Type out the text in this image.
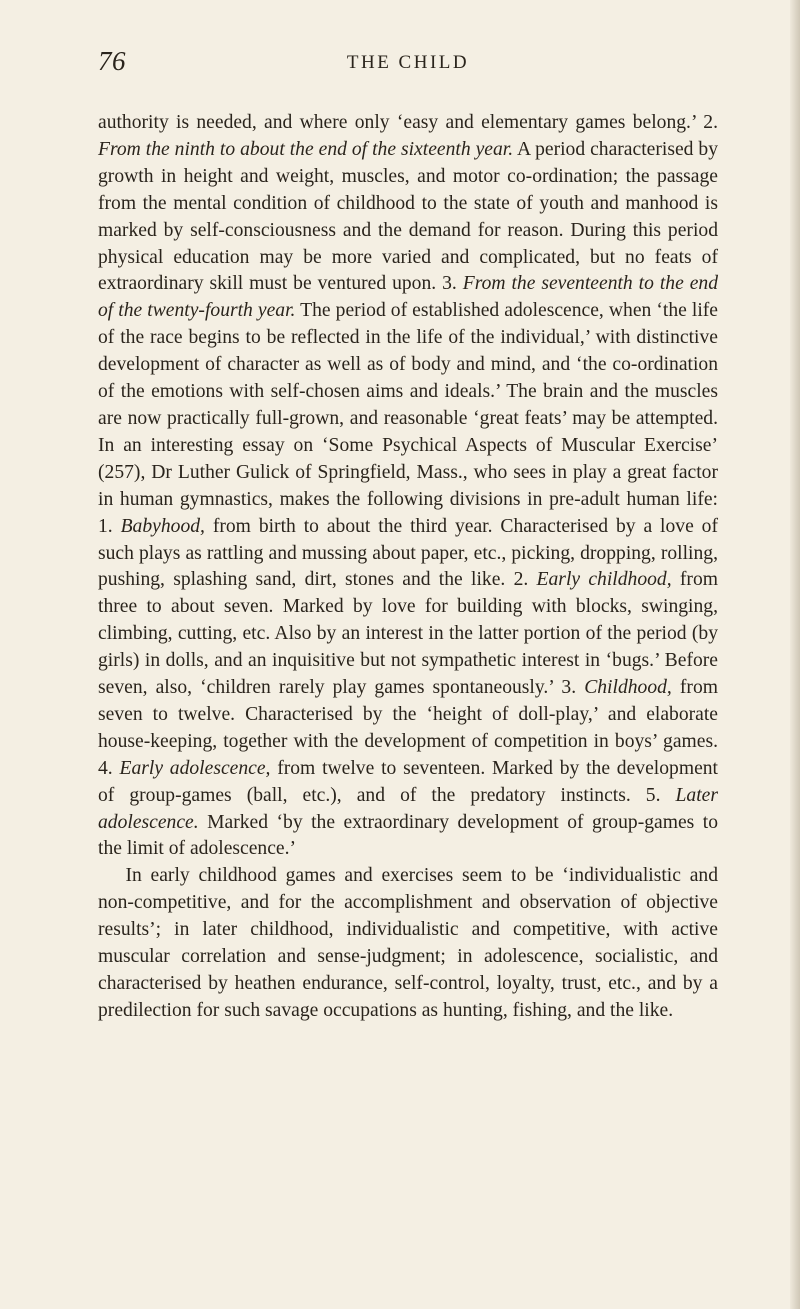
76	THE CHILD

authority is needed, and where only ‘easy and elementary games belong.’ 2. From the ninth to about the end of the sixteenth year. A period characterised by growth in height and weight, muscles, and motor co-ordination; the passage from the mental condition of childhood to the state of youth and manhood is marked by self-consciousness and the demand for reason. During this period physical education may be more varied and complicated, but no feats of extraordinary skill must be ventured upon. 3. From the seventeenth to the end of the twenty-fourth year. The period of established adolescence, when ‘the life of the race begins to be reflected in the life of the individual,’ with distinctive development of character as well as of body and mind, and ‘the co-ordination of the emotions with self-chosen aims and ideals.’ The brain and the muscles are now practically full-grown, and reasonable ‘great feats’ may be attempted. In an interesting essay on ‘Some Psychical Aspects of Muscular Exercise’ (257), Dr Luther Gulick of Springfield, Mass., who sees in play a great factor in human gymnastics, makes the following divisions in pre-adult human life: 1. Babyhood, from birth to about the third year. Characterised by a love of such plays as rattling and mussing about paper, etc., picking, dropping, rolling, pushing, splashing sand, dirt, stones and the like. 2. Early childhood, from three to about seven. Marked by love for building with blocks, swinging, climbing, cutting, etc. Also by an interest in the latter portion of the period (by girls) in dolls, and an inquisitive but not sympathetic interest in ‘bugs.’ Before seven, also, ‘children rarely play games spontaneously.’ 3. Childhood, from seven to twelve. Characterised by the ‘height of doll-play,’ and elaborate house-keeping, together with the development of competition in boys’ games. 4. Early adolescence, from twelve to seventeen. Marked by the development of group-games (ball, etc.), and of the predatory instincts. 5. Later adolescence. Marked ‘by the extraordinary development of group-games to the limit of adolescence.’

In early childhood games and exercises seem to be ‘individualistic and non-competitive, and for the accomplishment and observation of objective results’; in later childhood, individualistic and competitive, with active muscular correlation and sense-judgment; in adolescence, socialistic, and characterised by heathen endurance, self-control, loyalty, trust, etc., and by a predilection for such savage occupations as hunting, fishing, and the like.
